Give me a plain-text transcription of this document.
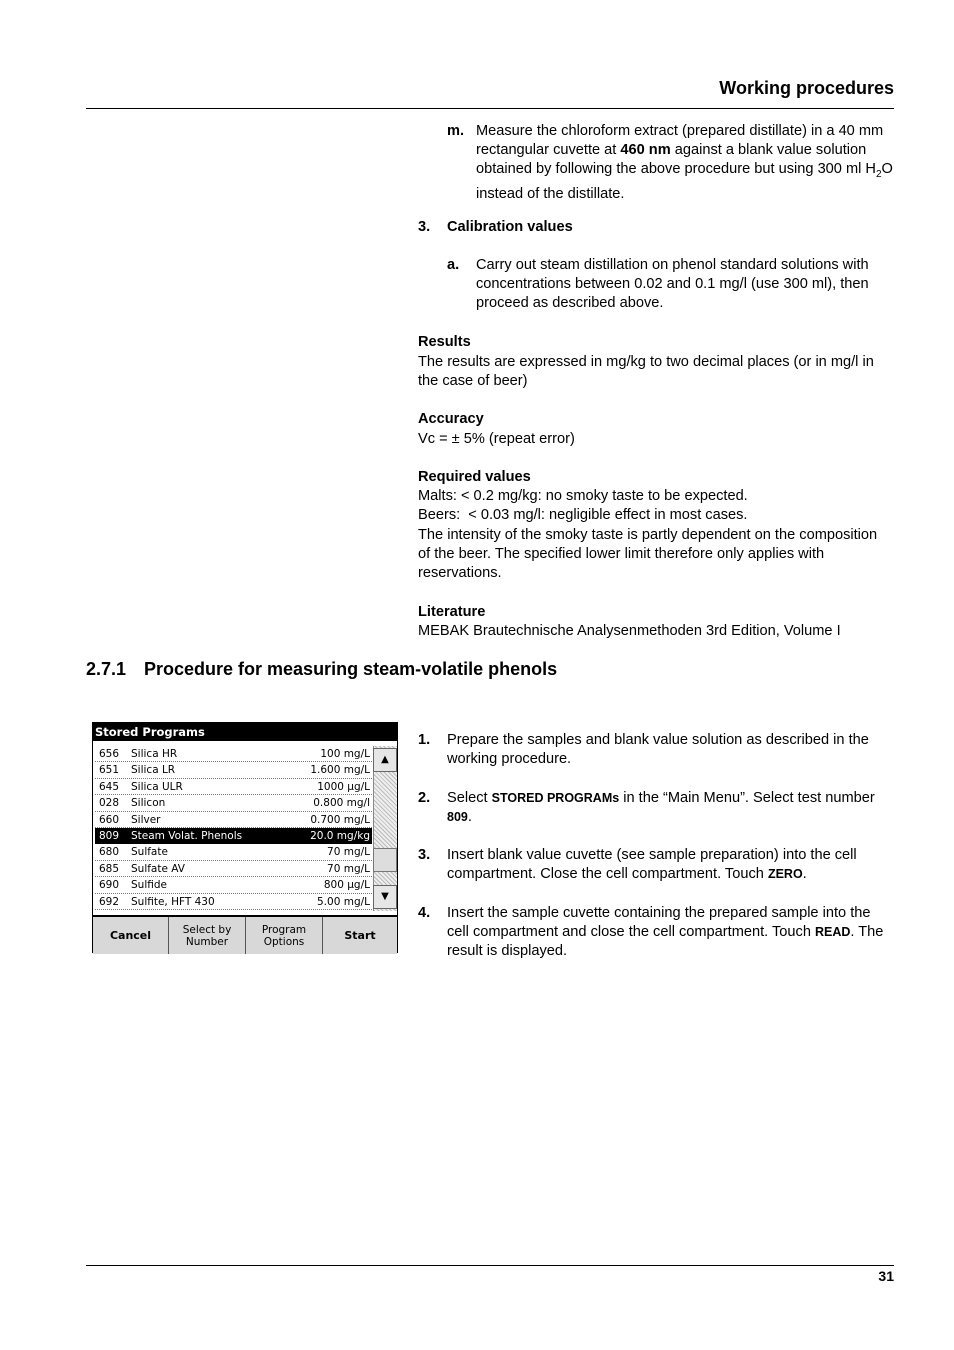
Working procedures
m. Measure the chloroform extract (prepared distillate) in a 40 mm rectangular cuvette at 460 nm against a blank value solution obtained by following the above procedure but using 300 ml $H_2O$ instead of the distillate.
3. Calibration values
a. Carry out steam distillation on phenol standard solutions with concentrations between 0.02 and 0.1 mg/l (use 300 ml), then proceed as described above.
Results
The results are expressed in mg/kg to two decimal places (or in mg/l in the case of beer)
Accuracy
Vc = ± 5% (repeat error)
Required values
Malts: < 0.2 mg/kg: no smoky taste to be expected.
Beers:  < 0.03 mg/l: negligible effect in most cases.
The intensity of the smoky taste is partly dependent on the composition of the beer. The specified lower limit therefore only applies with reservations.
Literature
MEBAK Brautechnische Analysenmethoden 3rd Edition, Volume I
2.7.1 Procedure for measuring steam-volatile phenols
Stored Programs
656 Silica HR	100 mg/L
651 Silica LR	1.600 mg/L
645 Silica ULR	1000 µg/L
028 Silicon	0.800 mg/l
660 Silver	0.700 mg/L
809 Steam Volat. Phenols	20.0 mg/kg
680 Sulfate	70 mg/L
685 Sulfate AV	70 mg/L
690 Sulfide	800 µg/L
692 Sulfite, HFT 430	5.00 mg/L
▲
▼
Cancel	Select by
Number
Program
Options	Start
1. Prepare the samples and blank value solution as described in the working procedure.
2. Select STORED PROGRAMs in the “Main Menu”. Select test number 809.
3. Insert blank value cuvette (see sample preparation) into the cell compartment. Close the cell compartment. Touch ZERO.
4. Insert the sample cuvette containing the prepared sample into the cell compartment and close the cell compartment. Touch READ. The result is displayed.
31
